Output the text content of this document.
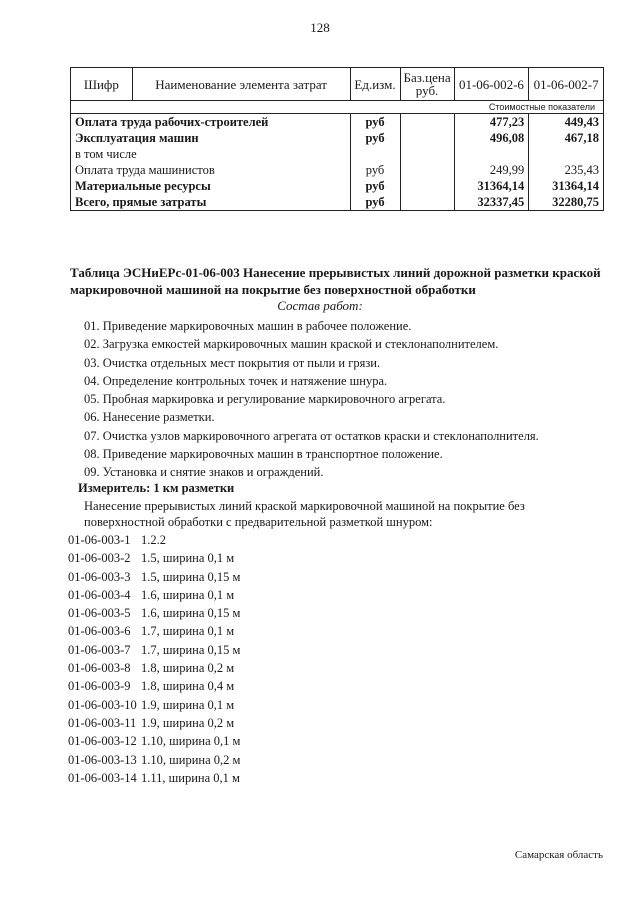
128
Шифр	Наименование элемента затрат	Ед.изм.	Баз.цена руб.	01-06-002-6	01-06-002-7
				Стоимостные показатели	
Оплата труда рабочих-строителей		руб		477,23	449,43
Эксплуатация машин		руб		496,08	467,18
в том числе					
Оплата труда машинистов		руб		249,99	235,43
Материальные ресурсы		руб		31364,14	31364,14
Всего, прямые затраты		руб		32337,45	32280,75
Таблица ЭСНиЕРс-01-06-003 Нанесение прерывистых линий дорожной разметки краской маркировочной машиной на покрытие без поверхностной обработки
Состав работ:
01. Приведение маркировочных машин в рабочее положение.
02. Загрузка емкостей маркировочных машин краской и стеклонаполнителем.
03. Очистка отдельных мест покрытия от пыли и грязи.
04. Определение контрольных точек и натяжение шнура.
05. Пробная маркировка и регулирование маркировочного агрегата.
06. Нанесение разметки.
07. Очистка узлов маркировочного агрегата от остатков краски и стеклонаполнителя.
08. Приведение маркировочных машин в транспортное положение.
09. Установка и снятие знаков и ограждений.
Измеритель: 1 км разметки
Нанесение прерывистых линий краской маркировочной машиной на покрытие без поверхностной обработки с предварительной разметкой шнуром:
01-06-003-1 1.2.2
01-06-003-2 1.5, ширина 0,1 м
01-06-003-3 1.5, ширина 0,15 м
01-06-003-4 1.6, ширина 0,1 м
01-06-003-5 1.6, ширина 0,15 м
01-06-003-6 1.7, ширина 0,1 м
01-06-003-7 1.7, ширина 0,15 м
01-06-003-8 1.8, ширина 0,2 м
01-06-003-9 1.8, ширина 0,4 м
01-06-003-10 1.9, ширина 0,1 м
01-06-003-11 1.9, ширина 0,2 м
01-06-003-12 1.10, ширина 0,1 м
01-06-003-13 1.10, ширина 0,2 м
01-06-003-14 1.11, ширина 0,1 м
Самарская область
